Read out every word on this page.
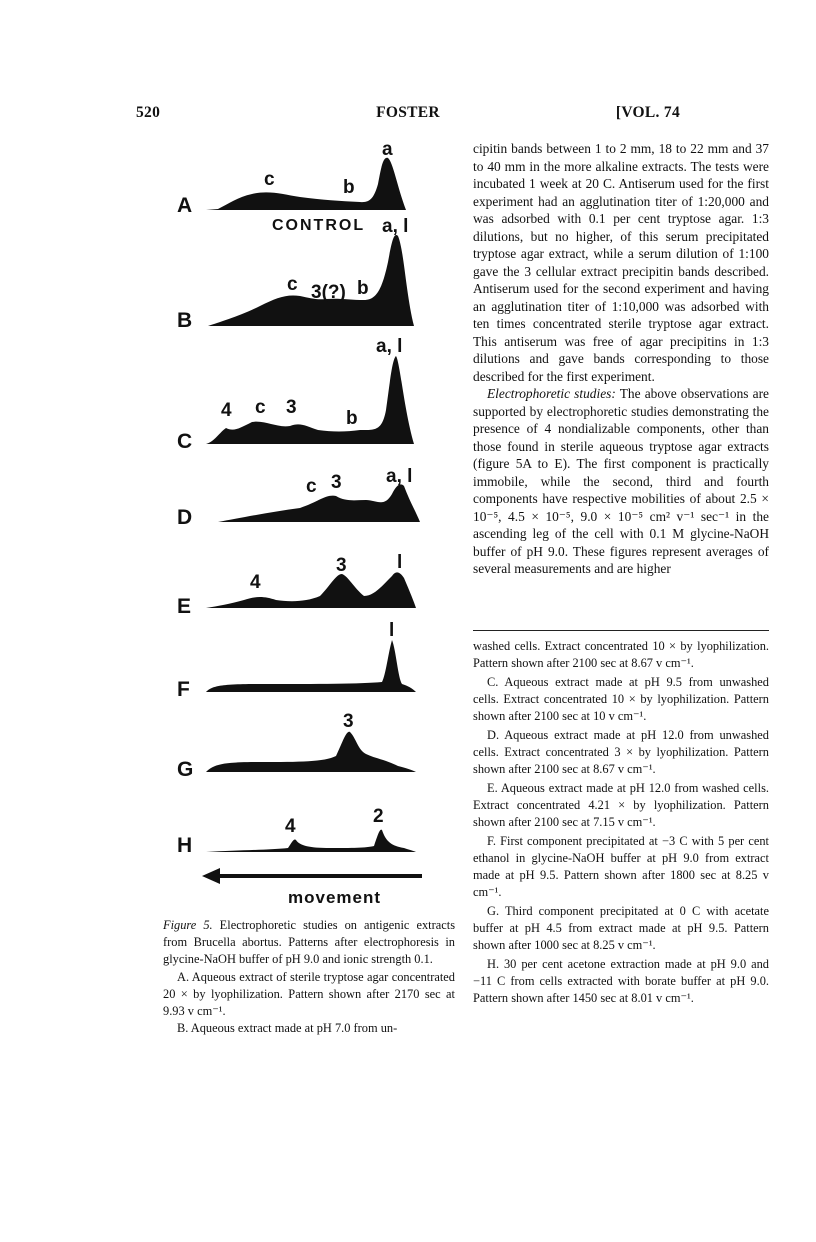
520	FOSTER	[VOL. 74
A
c	b
a
CONTROL
B
c 3(?) b
a, l
C
4 c 3
b
a, l
D
c 3 a, l
E
4
3	l
F
l
G
3
H
4	2
movement

Figure 5. Electrophoretic studies on antigenic extracts from Brucella abortus. Patterns after electrophoresis in glycine-NaOH buffer of pH 9.0 and ionic strength 0.1.

A. Aqueous extract of sterile tryptose agar concentrated 20 × by lyophilization. Pattern shown after 2170 sec at 9.93 v cm⁻¹.

B. Aqueous extract made at pH 7.0 from un-

cipitin bands between 1 to 2 mm, 18 to 22 mm and 37 to 40 mm in the more alkaline extracts. The tests were incubated 1 week at 20 C. Antiserum used for the first experiment had an agglutination titer of 1:20,000 and was adsorbed with 0.1 per cent tryptose agar. 1:3 dilutions, but no higher, of this serum precipitated tryptose agar extract, while a serum dilution of 1:100 gave the 3 cellular extract precipitin bands described. Antiserum used for the second experiment and having an agglutination titer of 1:10,000 was adsorbed with ten times concentrated sterile tryptose agar extract. This antiserum was free of agar precipitins in 1:3 dilutions and gave bands corresponding to those described for the first experiment.

Electrophoretic studies: The above observations are supported by electrophoretic studies demonstrating the presence of 4 nondializable components, other than those found in sterile aqueous tryptose agar extracts (figure 5A to E). The first component is practically immobile, while the second, third and fourth components have respective mobilities of about 2.5 × 10⁻⁵, 4.5 × 10⁻⁵, 9.0 × 10⁻⁵ cm² v⁻¹ sec⁻¹ in the ascending leg of the cell with 0.1 M glycine-NaOH buffer of pH 9.0. These figures represent averages of several measurements and are higher

washed cells. Extract concentrated 10 × by lyophilization. Pattern shown after 2100 sec at 8.67 v cm⁻¹.

C. Aqueous extract made at pH 9.5 from unwashed cells. Extract concentrated 10 × by lyophilization. Pattern shown after 2100 sec at 10 v cm⁻¹.

D. Aqueous extract made at pH 12.0 from unwashed cells. Extract concentrated 3 × by lyophilization. Pattern shown after 2100 sec at 8.67 v cm⁻¹.

E. Aqueous extract made at pH 12.0 from washed cells. Extract concentrated 4.21 × by lyophilization. Pattern shown after 2100 sec at 7.15 v cm⁻¹.

F. First component precipitated at −3 C with 5 per cent ethanol in glycine-NaOH buffer at pH 9.0 from extract made at pH 9.5. Pattern shown after 1800 sec at 8.25 v cm⁻¹.

G. Third component precipitated at 0 C with acetate buffer at pH 4.5 from extract made at pH 9.5. Pattern shown after 1000 sec at 8.25 v cm⁻¹.

H. 30 per cent acetone extraction made at pH 9.0 and −11 C from cells extracted with borate buffer at pH 9.0. Pattern shown after 1450 sec at 8.01 v cm⁻¹.
